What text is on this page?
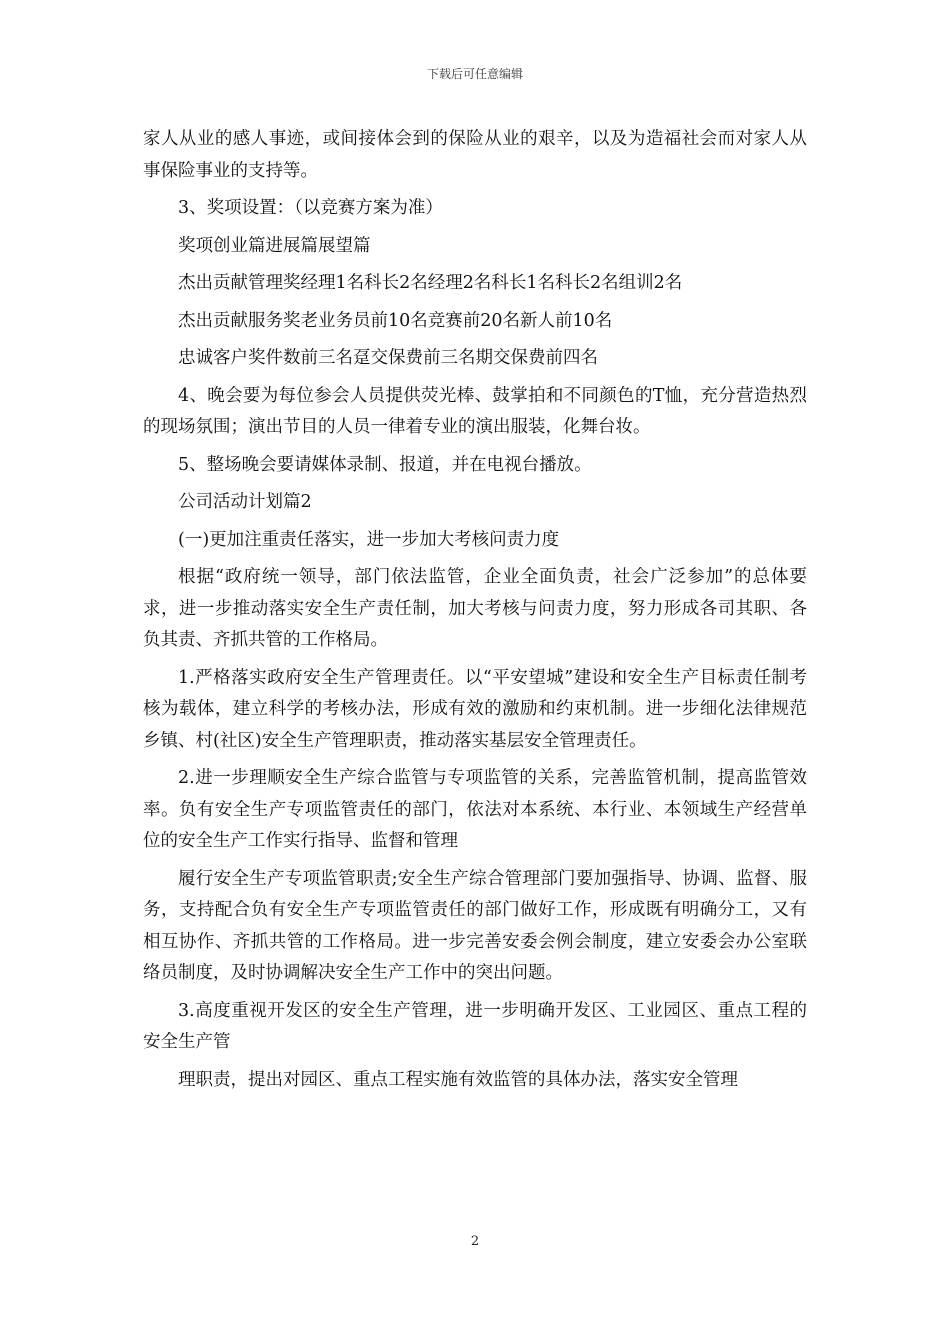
下载后可任意编辑

家人从业的感人事迹，或间接体会到的保险从业的艰辛，以及为造福社会而对家人从事保险事业的支持等。

3、奖项设置：（以竞赛方案为准）

奖项创业篇进展篇展望篇

杰出贡献管理奖经理1名科长2名经理2名科长1名科长2名组训2名

杰出贡献服务奖老业务员前10名竞赛前20名新人前10名

忠诚客户奖件数前三名趸交保费前三名期交保费前四名

4、晚会要为每位参会人员提供荧光棒、鼓掌拍和不同颜色的T恤，充分营造热烈的现场氛围；演出节目的人员一律着专业的演出服装，化舞台妆。

5、整场晚会要请媒体录制、报道，并在电视台播放。

公司活动计划篇2

(一)更加注重责任落实，进一步加大考核问责力度

根据“政府统一领导，部门依法监管，企业全面负责，社会广泛参加”的总体要求，进一步推动落实安全生产责任制，加大考核与问责力度，努力形成各司其职、各负其责、齐抓共管的工作格局。

1.严格落实政府安全生产管理责任。以“平安望城”建设和安全生产目标责任制考核为载体，建立科学的考核办法，形成有效的激励和约束机制。进一步细化法律规范乡镇、村(社区)安全生产管理职责，推动落实基层安全管理责任。

2.进一步理顺安全生产综合监管与专项监管的关系，完善监管机制，提高监管效率。负有安全生产专项监管责任的部门，依法对本系统、本行业、本领域生产经营单位的安全生产工作实行指导、监督和管理

履行安全生产专项监管职责;安全生产综合管理部门要加强指导、协调、监督、服务，支持配合负有安全生产专项监管责任的部门做好工作，形成既有明确分工，又有相互协作、齐抓共管的工作格局。进一步完善安委会例会制度，建立安委会办公室联络员制度，及时协调解决安全生产工作中的突出问题。

3.高度重视开发区的安全生产管理，进一步明确开发区、工业园区、重点工程的安全生产管

理职责，提出对园区、重点工程实施有效监管的具体办法，落实安全管理

2
